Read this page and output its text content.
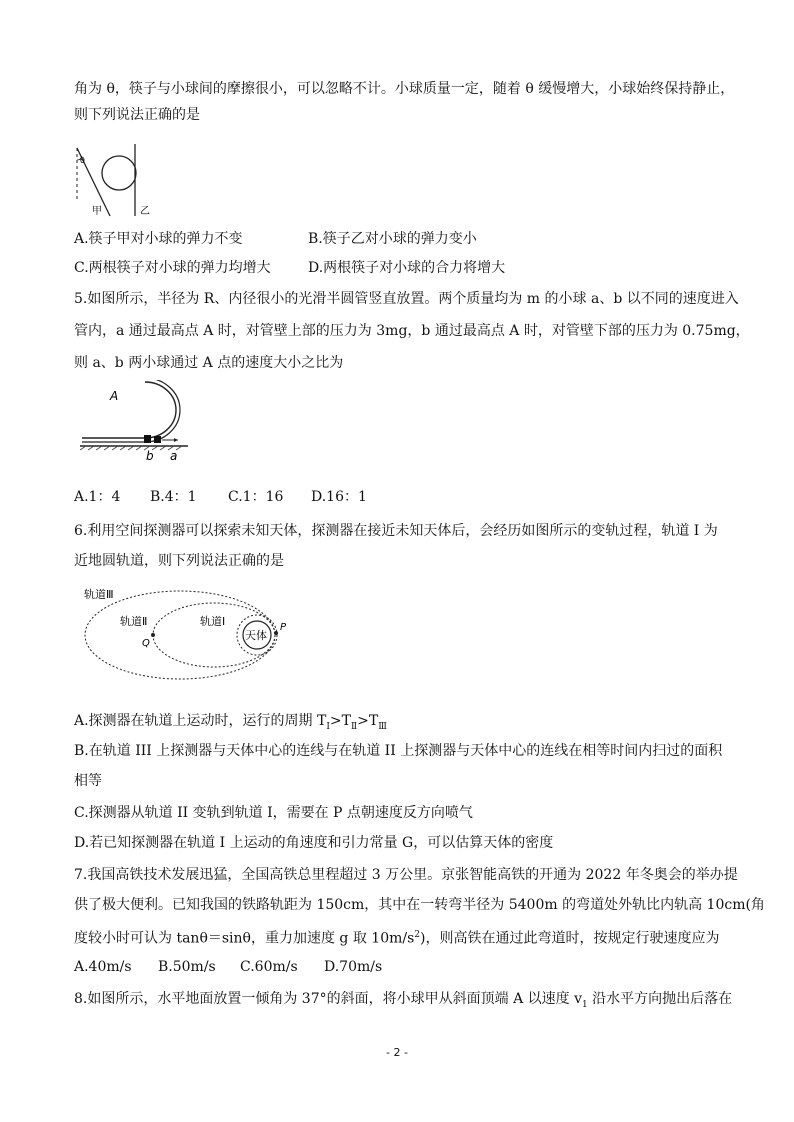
角为 θ，筷子与小球间的摩擦很小，可以忽略不计。小球质量一定，随着 θ 缓慢增大，小球始终保持静止，
则下列说法正确的是
θ
甲	乙
A.筷子甲对小球的弹力不变	B.筷子乙对小球的弹力变小
C.两根筷子对小球的弹力均增大	D.两根筷子对小球的合力将增大
5.如图所示，半径为 R、内径很小的光滑半圆管竖直放置。两个质量均为 m 的小球 a、b 以不同的速度进入
管内，a 通过最高点 A 时，对管壁上部的压力为 3mg，b 通过最高点 A 时，对管壁下部的压力为 0.75mg，
则 a、b 两小球通过 A 点的速度大小之比为
A
b a
A.1：4 B.4：1 C.1：16 D.16：1
6.利用空间探测器可以探索未知天体，探测器在接近未知天体后，会经历如图所示的变轨过程，轨道 I 为
近地圆轨道，则下列说法正确的是
轨道Ⅲ
轨道Ⅱ	轨道Ⅰ
天体
P
Q
A.探测器在轨道上运动时，运行的周期 $T_Ⅰ>T_Ⅱ>T_Ⅲ$
B.在轨道 III 上探测器与天体中心的连线与在轨道 II 上探测器与天体中心的连线在相等时间内扫过的面积
相等
C.探测器从轨道 II 变轨到轨道 I，需要在 P 点朝速度反方向喷气
D.若已知探测器在轨道 I 上运动的角速度和引力常量 G，可以估算天体的密度
7.我国高铁技术发展迅猛，全国高铁总里程超过 3 万公里。京张智能高铁的开通为 2022 年冬奥会的举办提
供了极大便利。已知我国的铁路轨距为 150cm，其中在一转弯半径为 5400m 的弯道处外轨比内轨高 10cm(角
度较小时可认为 tanθ＝sinθ，重力加速度 g 取 $10m/s^2$)，则高铁在通过此弯道时，按规定行驶速度应为
A.40m/s B.50m/s C.60m/s D.70m/s
8.如图所示，水平地面放置一倾角为 37°的斜面，将小球甲从斜面顶端 A 以速度 $v_1$ 沿水平方向抛出后落在
- 2 -
